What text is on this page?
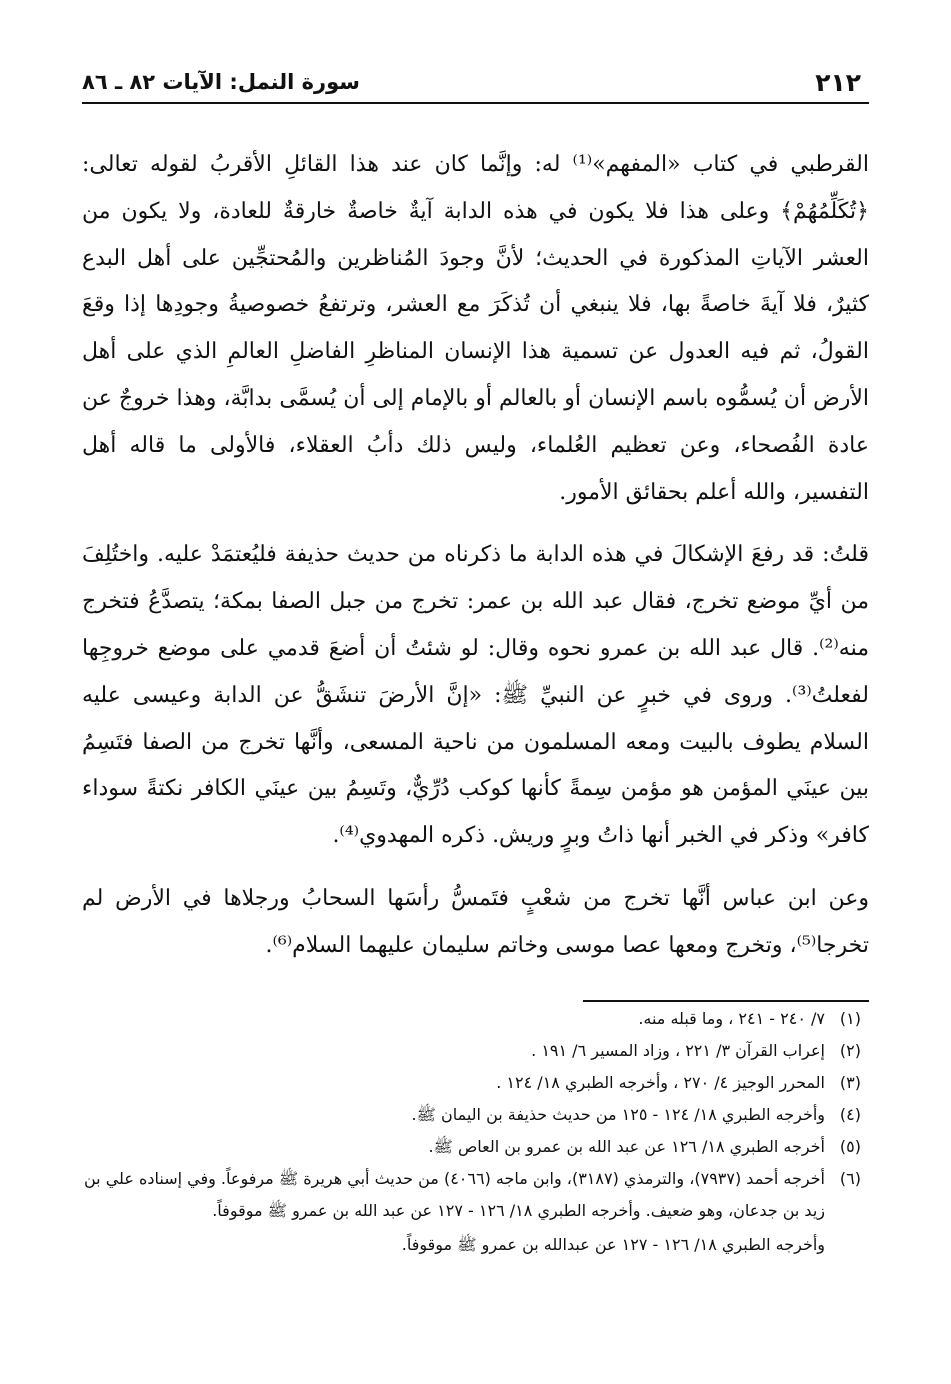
٢١٢
سورة النمل: الآيات ٨٢ ـ ٨٦

القرطبي في كتاب «المفهم»⁽¹⁾ له: وإنَّما كان عند هذا القائلِ الأقربُ لقوله تعالى: ﴿تُكَلِّمُهُمْ﴾ وعلى هذا فلا يكون في هذه الدابة آيةٌ خاصةٌ خارقةٌ للعادة، ولا يكون من العشر الآياتِ المذكورة في الحديث؛ لأنَّ وجودَ المُناظرين والمُحتجِّين على أهل البدع كثيرٌ، فلا آيةَ خاصةً بها، فلا ينبغي أن تُذكَرَ مع العشر، وترتفعُ خصوصيةُ وجودِها إذا وقعَ القولُ، ثم فيه العدول عن تسمية هذا الإنسان المناظرِ الفاضلِ العالمِ الذي على أهل الأرض أن يُسمُّوه باسم الإنسان أو بالعالم أو بالإمام إلى أن يُسمَّى بدابَّة، وهذا خروجٌ عن عادة الفُصحاء، وعن تعظيم العُلماء، وليس ذلك دأبُ العقلاء، فالأولى ما قاله أهل التفسير، والله أعلم بحقائق الأمور.

قلتُ: قد رفعَ الإشكالَ في هذه الدابة ما ذكرناه من حديث حذيفة فليُعتمَدْ عليه. واختُلِفَ من أيِّ موضع تخرج، فقال عبد الله بن عمر: تخرج من جبل الصفا بمكة؛ يتصدَّعُ فتخرج منه⁽²⁾. قال عبد الله بن عمرو نحوه وقال: لو شئتُ أن أضعَ قدمي على موضع خروجِها لفعلتُ⁽³⁾. وروى في خبرٍ عن النبيِّ ﷺ: «إنَّ الأرضَ تنشَقُّ عن الدابة وعيسى عليه السلام يطوف بالبيت ومعه المسلمون من ناحية المسعى، وأنَّها تخرج من الصفا فتَسِمُ بين عينَي المؤمن هو مؤمن سِمةً كأنها كوكب دُرِّيٌّ، وتَسِمُ بين عينَي الكافر نكتةً سوداء كافر» وذكر في الخبر أنها ذاتُ وبرٍ وريش. ذكره المهدوي⁽⁴⁾.

وعن ابن عباس أنَّها تخرج من شعْبٍ فتَمسُّ رأسَها السحابُ ورجلاها في الأرض لم تخرجا⁽⁵⁾، وتخرج ومعها عصا موسى وخاتم سليمان عليهما السلام⁽⁶⁾.

(١)
٧/ ٢٤٠ - ٢٤١ ، وما قبله منه.
(٢)
إعراب القرآن ٣/ ٢٢١ ، وزاد المسير ٦/ ١٩١ .
(٣)
المحرر الوجيز ٤/ ٢٧٠ ، وأخرجه الطبري ١٨/ ١٢٤ .
(٤)
وأخرجه الطبري ١٨/ ١٢٤ - ١٢٥ من حديث حذيفة بن اليمان ﷺ.
(٥)
أخرجه الطبري ١٨/ ١٢٦ عن عبد الله بن عمرو بن العاص ﷺ.
(٦)
أخرجه أحمد (٧٩٣٧)، والترمذي (٣١٨٧)، وابن ماجه (٤٠٦٦) من حديث أبي هريرة ﷺ مرفوعاً. وفي إسناده علي بن زيد بن جدعان، وهو ضعيف. وأخرجه الطبري ١٨/ ١٢٦ - ١٢٧ عن عبد الله بن عمرو ﷺ موقوفاً.
وأخرجه الطبري ١٨/ ١٢٦ - ١٢٧ عن عبدالله بن عمرو ﷺ موقوفاً.
